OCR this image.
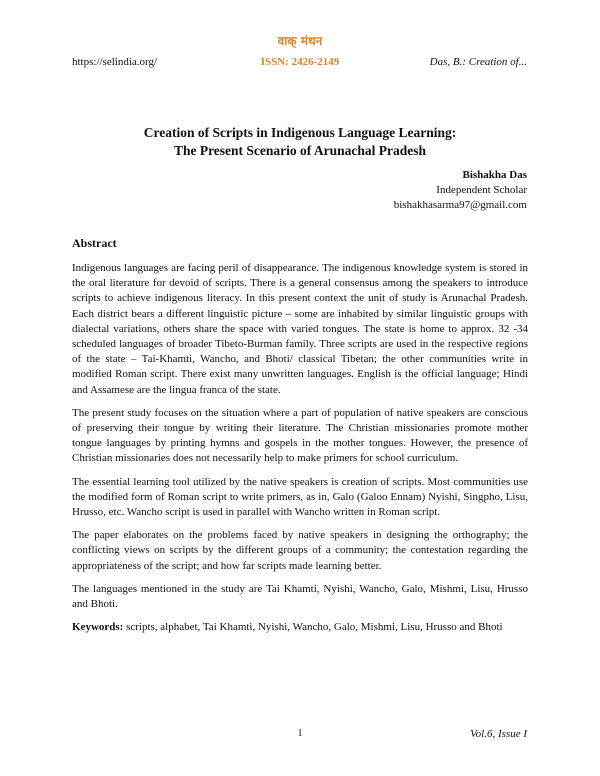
वाक् मंथन
https://selindia.org/	ISSN: 2426-2149	Das, B.: Creation of...
Creation of Scripts in Indigenous Language Learning:
The Present Scenario of Arunachal Pradesh
Bishakha Das
Independent Scholar
bishakhasarma97@gmail.com
Abstract

Indigenous languages are facing peril of disappearance. The indigenous knowledge system is stored in the oral literature for devoid of scripts. There is a general consensus among the speakers to introduce scripts to achieve indigenous literacy. In this present context the unit of study is Arunachal Pradesh. Each district bears a different linguistic picture – some are inhabited by similar linguistic groups with dialectal variations, others share the space with varied tongues. The state is home to approx. 32 -34 scheduled languages of broader Tibeto-Burman family. Three scripts are used in the respective regions of the state – Tai-Khamti, Wancho, and Bhoti/ classical Tibetan; the other communities write in modified Roman script. There exist many unwritten languages. English is the official language; Hindi and Assamese are the lingua franca of the state.

The present study focuses on the situation where a part of population of native speakers are conscious of preserving their tongue by writing their literature. The Christian missionaries promote mother tongue languages by printing hymns and gospels in the mother tongues. However, the presence of Christian missionaries does not necessarily help to make primers for school curriculum.

The essential learning tool utilized by the native speakers is creation of scripts. Most communities use the modified form of Roman script to write primers, as in, Galo (Galoo Ennam) Nyishi, Singpho, Lisu, Hrusso, etc. Wancho script is used in parallel with Wancho written in Roman script.

The paper elaborates on the problems faced by native speakers in designing the orthography; the conflicting views on scripts by the different groups of a community; the contestation regarding the appropriateness of the script; and how far scripts made learning better.

The languages mentioned in the study are Tai Khamti, Nyishi, Wancho, Galo, Mishmi, Lisu, Hrusso and Bhoti.

Keywords: scripts, alphabet, Tai Khamti, Nyishi, Wancho, Galo, Mishmi, Lisu, Hrusso and Bhoti

1	Vol.6, Issue I
